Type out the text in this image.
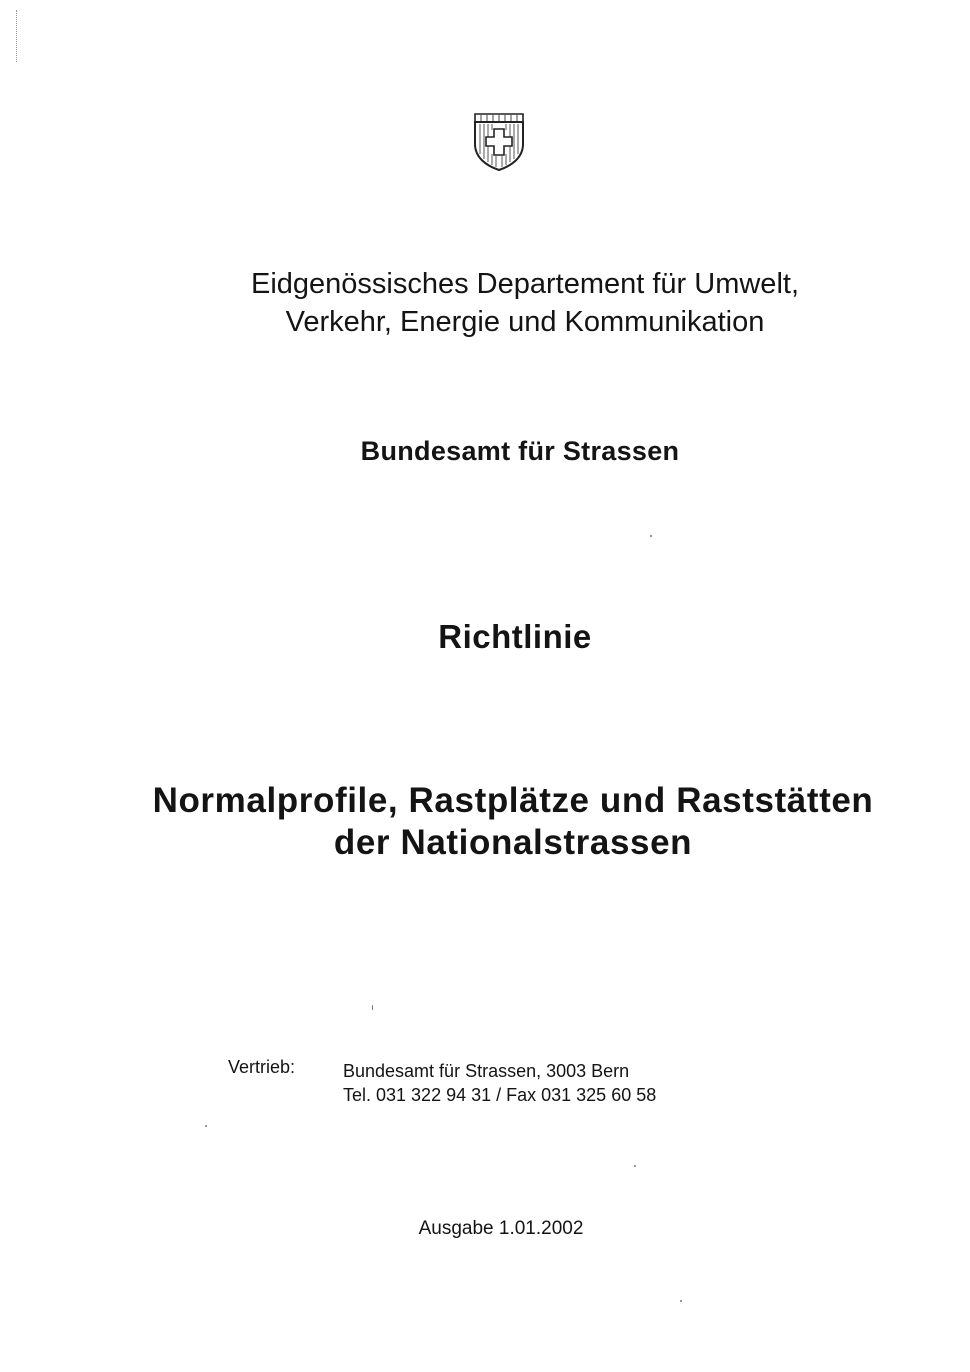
Eidgenössisches Departement für Umwelt,
Verkehr, Energie und Kommunikation
Bundesamt für Strassen
Richtlinie
Normalprofile, Rastplätze und Raststätten
der Nationalstrassen
Vertrieb:	Bundesamt für Strassen, 3003 Bern
Tel. 031 322 94 31 / Fax 031 325 60 58
Ausgabe 1.01.2002
